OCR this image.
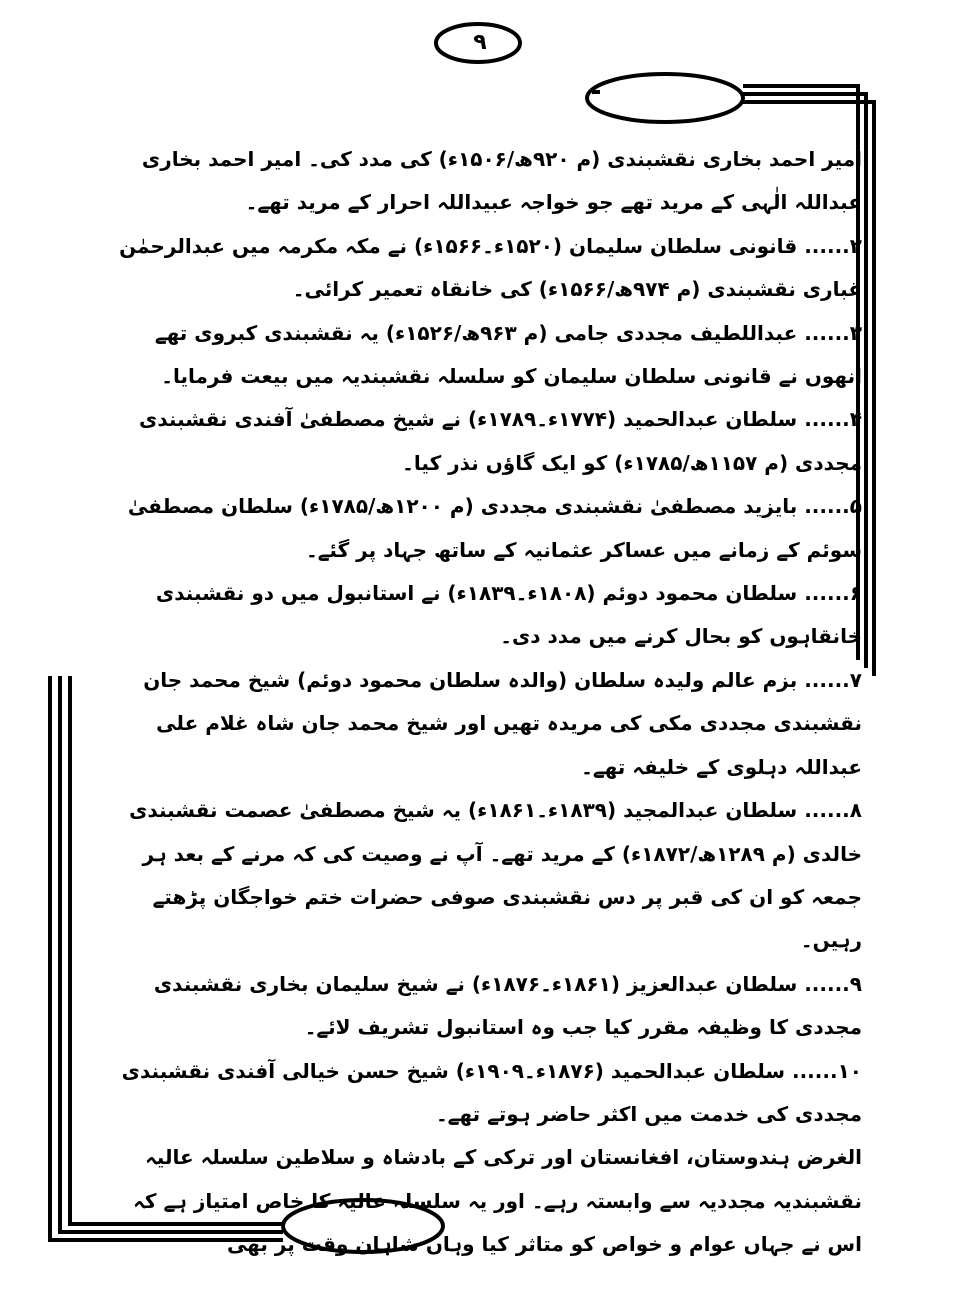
۹

امیر احمد بخاری نقشبندی (م ۹۲۰ھ/۱۵۰۶ء) کی مدد کی۔ امیر احمد بخاری عبداللہ الٰہی کے مرید تھے جو خواجہ عبیداللہ احرار کے مرید تھے۔

۲...... قانونی سلطان سلیمان (۱۵۲۰ء۔۱۵۶۶ء) نے مکہ مکرمہ میں عبدالرحمٰن غباری نقشبندی (م ۹۷۴ھ/۱۵۶۶ء) کی خانقاہ تعمیر کرائی۔

۳...... عبداللطیف مجددی جامی (م ۹۶۳ھ/۱۵۲۶ء) یہ نقشبندی کبروی تھے انھوں نے قانونی سلطان سلیمان کو سلسلہ نقشبندیہ میں بیعت فرمایا۔

۴...... سلطان عبدالحمید (۱۷۷۴ء۔۱۷۸۹ء) نے شیخ مصطفیٰ آفندی نقشبندی مجددی (م ۱۱۵۷ھ/۱۷۸۵ء) کو ایک گاؤں نذر کیا۔

۵...... بایزید مصطفیٰ نقشبندی مجددی (م ۱۲۰۰ھ/۱۷۸۵ء) سلطان مصطفیٰ سوئم کے زمانے میں عساکر عثمانیہ کے ساتھ جہاد پر گئے۔

۶...... سلطان محمود دوئم (۱۸۰۸ء۔۱۸۳۹ء) نے استانبول میں دو نقشبندی خانقاہوں کو بحال کرنے میں مدد دی۔

۷...... بزم عالم ولیدہ سلطان (والدہ سلطان محمود دوئم) شیخ محمد جان نقشبندی مجددی مکی کی مریدہ تھیں اور شیخ محمد جان شاہ غلام علی عبداللہ دہلوی کے خلیفہ تھے۔

۸...... سلطان عبدالمجید (۱۸۳۹ء۔۱۸۶۱ء) یہ شیخ مصطفیٰ عصمت نقشبندی خالدی (م ۱۲۸۹ھ/۱۸۷۲ء) کے مرید تھے۔ آپ نے وصیت کی کہ مرنے کے بعد ہر جمعہ کو ان کی قبر پر دس نقشبندی صوفی حضرات ختم خواجگان پڑھتے رہیں۔

۹...... سلطان عبدالعزیز (۱۸۶۱ء۔۱۸۷۶ء) نے شیخ سلیمان بخاری نقشبندی مجددی کا وظیفہ مقرر کیا جب وہ استانبول تشریف لائے۔

۱۰...... سلطان عبدالحمید (۱۸۷۶ء۔۱۹۰۹ء) شیخ حسن خیالی آفندی نقشبندی مجددی کی خدمت میں اکثر حاضر ہوتے تھے۔

الغرض ہندوستان، افغانستان اور ترکی کے بادشاہ و سلاطین سلسلہ عالیہ نقشبندیہ مجددیہ سے وابستہ رہے۔ اور یہ سلسلہ عالیہ کا خاص امتیاز ہے کہ اس نے جہاں عوام و خواص کو متاثر کیا وہاں شاہان وقت پر بھی
